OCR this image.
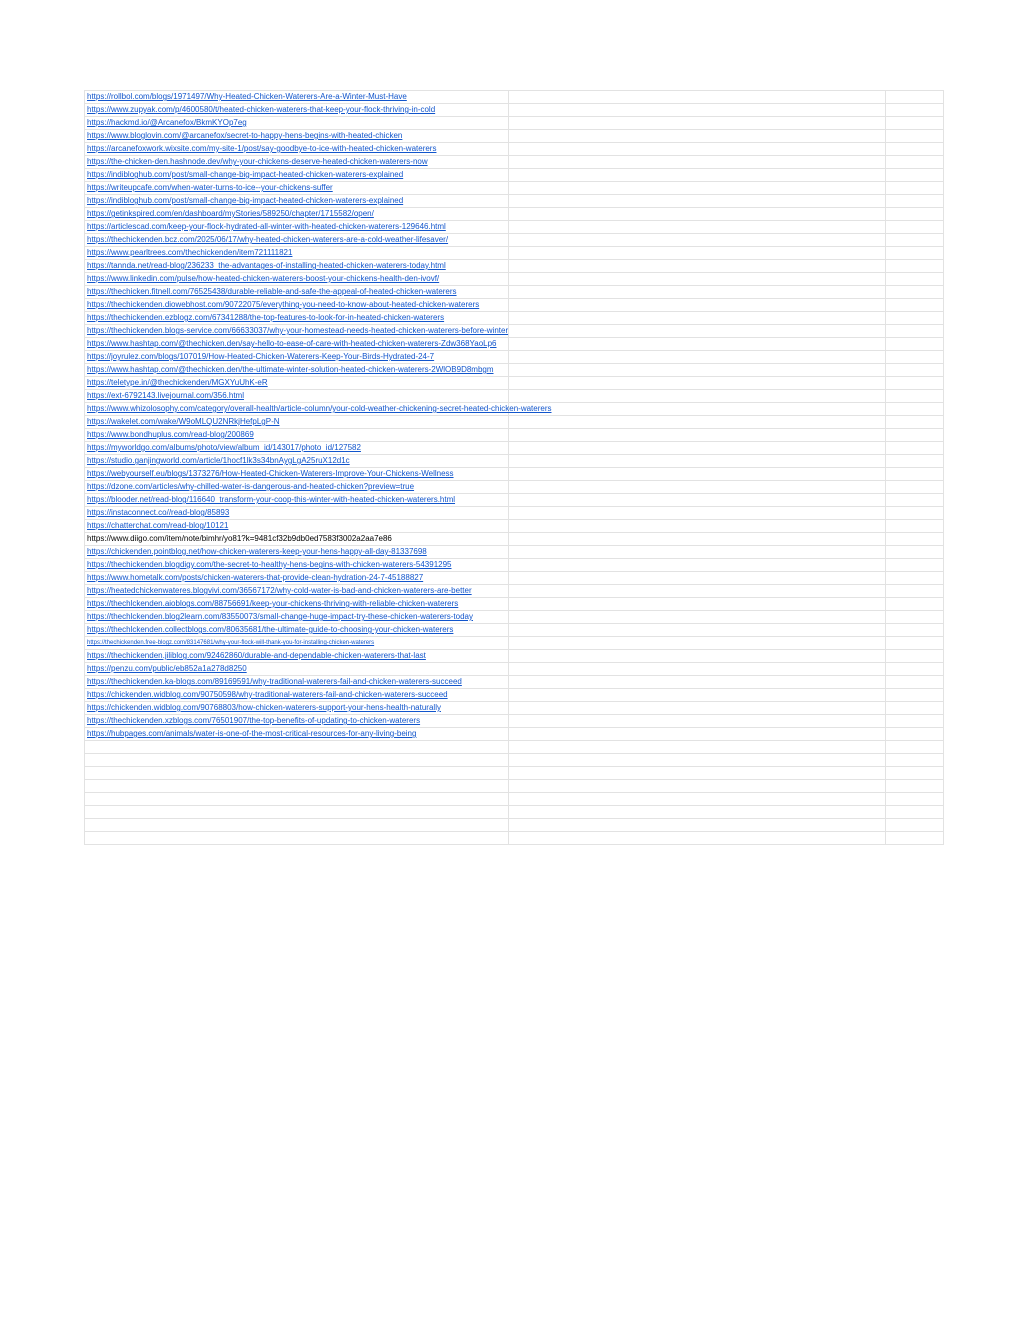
https://rollbol.com/blogs/1971497/Why-Heated-Chicken-Waterers-Are-a-Winter-Must-Have		
https://www.zupyak.com/p/4600580/t/heated-chicken-waterers-that-keep-your-flock-thriving-in-cold		
https://hackmd.io/@Arcanefox/BkmKYOp7eg		
https://www.bloglovin.com/@arcanefox/secret-to-happy-hens-begins-with-heated-chicken		
https://arcanefoxwork.wixsite.com/my-site-1/post/say-goodbye-to-ice-with-heated-chicken-waterers		
https://the-chicken-den.hashnode.dev/why-your-chickens-deserve-heated-chicken-waterers-now		
https://indibloghub.com/post/small-change-big-impact-heated-chicken-waterers-explained		
https://writeupcafe.com/when-water-turns-to-ice--your-chickens-suffer		
https://indibloghub.com/post/small-change-big-impact-heated-chicken-waterers-explained		
https://getinkspired.com/en/dashboard/myStories/589250/chapter/1715582/open/		
https://articlescad.com/keep-your-flock-hydrated-all-winter-with-heated-chicken-waterers-129646.html		
https://thechickenden.bcz.com/2025/06/17/why-heated-chicken-waterers-are-a-cold-weather-lifesaver/		
https://www.pearltrees.com/thechickenden/item721111821		
https://tannda.net/read-blog/236233_the-advantages-of-installing-heated-chicken-waterers-today.html		
https://www.linkedin.com/pulse/how-heated-chicken-waterers-boost-your-chickens-health-den-ivovf/		
https://thechicken.fitnell.com/76525438/durable-reliable-and-safe-the-appeal-of-heated-chicken-waterers		
https://thechickenden.diowebhost.com/90722075/everything-you-need-to-know-about-heated-chicken-waterers		
https://thechickenden.ezblogz.com/67341288/the-top-features-to-look-for-in-heated-chicken-waterers		
https://thechickenden.blogs-service.com/66633037/why-your-homestead-needs-heated-chicken-waterers-before-winter		
https://www.hashtap.com/@thechicken.den/say-hello-to-ease-of-care-with-heated-chicken-waterers-Zdw368YaoLp6		
https://joyrulez.com/blogs/107019/How-Heated-Chicken-Waterers-Keep-Your-Birds-Hydrated-24-7		
https://www.hashtap.com/@thechicken.den/the-ultimate-winter-solution-heated-chicken-waterers-2WlOB9D8mbgm		
https://teletype.in/@thechickenden/MGXYuUhK-eR		
https://ext-6792143.livejournal.com/356.html		
https://www.whizolosophy.com/category/overall-health/article-column/your-cold-weather-chickening-secret-heated-chicken-waterers		
https://wakelet.com/wake/W9oMLQU2NRkjHefpLgP-N		
https://www.bondhuplus.com/read-blog/200869		
https://myworldgo.com/albums/photo/view/album_id/143017/photo_id/127582		
https://studio.ganjingworld.com/article/1hocf1lk3s34bnAygLgA25ruX12d1c		
https://webyourself.eu/blogs/1373276/How-Heated-Chicken-Waterers-Improve-Your-Chickens-Wellness		
https://dzone.com/articles/why-chilled-water-is-dangerous-and-heated-chicken?preview=true		
https://blooder.net/read-blog/116640_transform-your-coop-this-winter-with-heated-chicken-waterers.html		
https://instaconnect.co//read-blog/85893		
https://chatterchat.com/read-blog/10121		
https://www.diigo.com/item/note/bimhr/yo81?k=9481cf32b9db0ed7583f3002a2aa7e86		
https://chickenden.pointblog.net/how-chicken-waterers-keep-your-hens-happy-all-day-81337698		
https://thechickenden.blogdigy.com/the-secret-to-healthy-hens-begins-with-chicken-waterers-54391295		
https://www.hometalk.com/posts/chicken-waterers-that-provide-clean-hydration-24-7-45188827		
https://heatedchickenwateres.blogvivi.com/36567172/why-cold-water-is-bad-and-chicken-waterers-are-better		
https://thechlckenden.aioblogs.com/88756691/keep-your-chickens-thriving-with-reliable-chicken-waterers		
https://thechlckenden.blog2learn.com/83550073/small-change-huge-impact-try-these-chicken-waterers-today		
https://thechlckenden.collectblogs.com/80635681/the-ultimate-guide-to-choosing-your-chicken-waterers		
https://thechickenden.free-blogz.com/83147681/why-your-flock-will-thank-you-for-installing-chicken-waterers		
https://thechickenden.jiliblog.com/92462860/durable-and-dependable-chicken-waterers-that-last		
https://penzu.com/public/eb852a1a278d8250		
https://thechickenden.ka-blogs.com/89169591/why-traditional-waterers-fail-and-chicken-waterers-succeed		
https://chickenden.widblog.com/90750598/why-traditional-waterers-fail-and-chicken-waterers-succeed		
https://chickenden.widblog.com/90768803/how-chicken-waterers-support-your-hens-health-naturally		
https://thechickenden.xzblogs.com/76501907/the-top-benefits-of-updating-to-chicken-waterers		
https://hubpages.com/animals/water-is-one-of-the-most-critical-resources-for-any-living-being		
